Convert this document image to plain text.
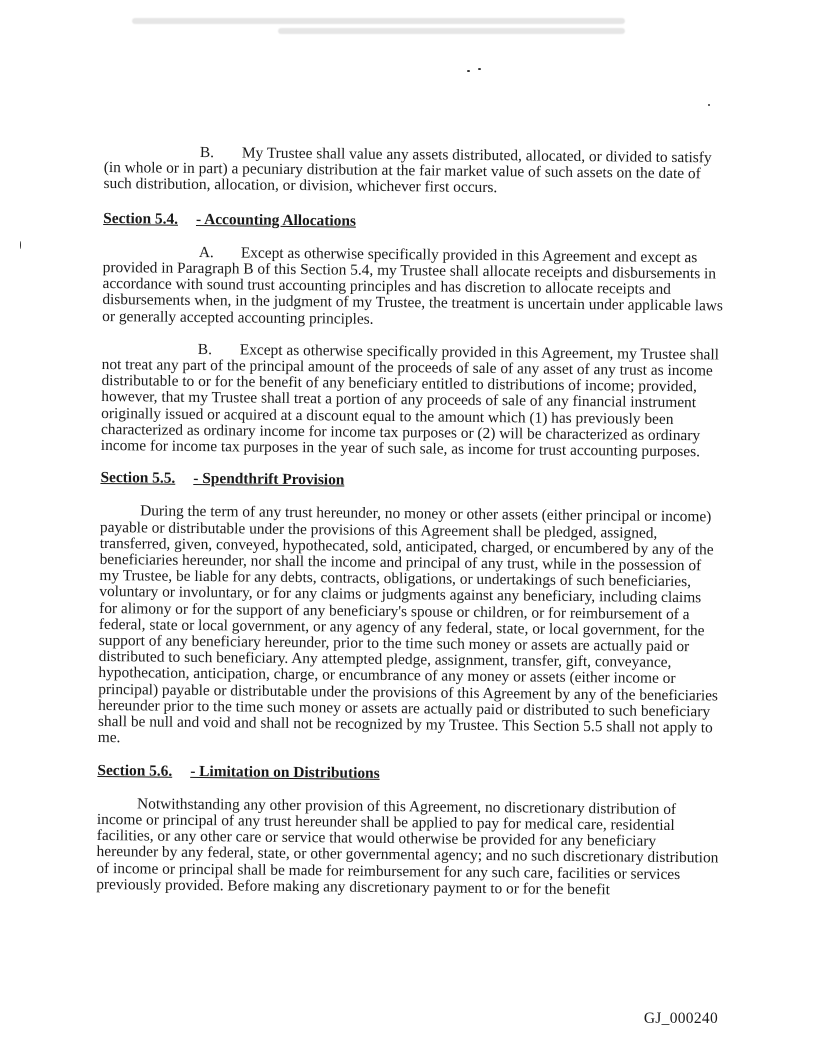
B. My Trustee shall value any assets distributed, allocated, or divided to satisfy (in whole or in part) a pecuniary distribution at the fair market value of such assets on the date of such distribution, allocation, or division, whichever first occurs.

Section 5.4. - Accounting Allocations

A. Except as otherwise specifically provided in this Agreement and except as provided in Paragraph B of this Section 5.4, my Trustee shall allocate receipts and disbursements in accordance with sound trust accounting principles and has discretion to allocate receipts and disbursements when, in the judgment of my Trustee, the treatment is uncertain under applicable laws or generally accepted accounting principles.

B. Except as otherwise specifically provided in this Agreement, my Trustee shall not treat any part of the principal amount of the proceeds of sale of any asset of any trust as income distributable to or for the benefit of any beneficiary entitled to distributions of income; provided, however, that my Trustee shall treat a portion of any proceeds of sale of any financial instrument originally issued or acquired at a discount equal to the amount which (1) has previously been characterized as ordinary income for income tax purposes or (2) will be characterized as ordinary income for income tax purposes in the year of such sale, as income for trust accounting purposes.

Section 5.5. - Spendthrift Provision

During the term of any trust hereunder, no money or other assets (either principal or income) payable or distributable under the provisions of this Agreement shall be pledged, assigned, transferred, given, conveyed, hypothecated, sold, anticipated, charged, or encumbered by any of the beneficiaries hereunder, nor shall the income and principal of any trust, while in the possession of my Trustee, be liable for any debts, contracts, obligations, or undertakings of such beneficiaries, voluntary or involuntary, or for any claims or judgments against any beneficiary, including claims for alimony or for the support of any beneficiary's spouse or children, or for reimbursement of a federal, state or local government, or any agency of any federal, state, or local government, for the support of any beneficiary hereunder, prior to the time such money or assets are actually paid or distributed to such beneficiary. Any attempted pledge, assignment, transfer, gift, conveyance, hypothecation, anticipation, charge, or encumbrance of any money or assets (either income or principal) payable or distributable under the provisions of this Agreement by any of the beneficiaries hereunder prior to the time such money or assets are actually paid or distributed to such beneficiary shall be null and void and shall not be recognized by my Trustee. This Section 5.5 shall not apply to me.

Section 5.6. - Limitation on Distributions

Notwithstanding any other provision of this Agreement, no discretionary distribution of income or principal of any trust hereunder shall be applied to pay for medical care, residential facilities, or any other care or service that would otherwise be provided for any beneficiary hereunder by any federal, state, or other governmental agency; and no such discretionary distribution of income or principal shall be made for reimbursement for any such care, facilities or services previously provided. Before making any discretionary payment to or for the benefit

GJ_000240
